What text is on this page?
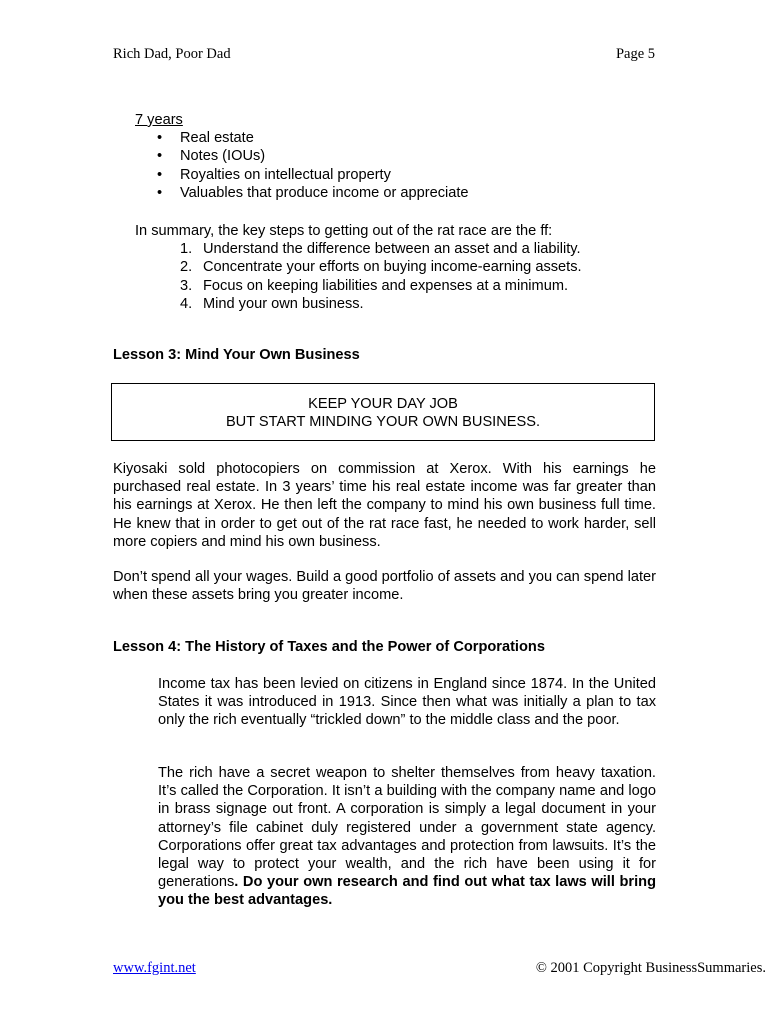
Rich Dad, Poor Dad	Page 5
7 years
• Real estate
• Notes (IOUs)
• Royalties on intellectual property
• Valuables that produce income or appreciate
In summary, the key steps to getting out of the rat race are the ff:
1. Understand the difference between an asset and a liability.
2. Concentrate your efforts on buying income-earning assets.
3. Focus on keeping liabilities and expenses at a minimum.
4. Mind your own business.
Lesson 3: Mind Your Own Business
KEEP YOUR DAY JOB
BUT START MINDING YOUR OWN BUSINESS.
Kiyosaki sold photocopiers on commission at Xerox. With his earnings he purchased real estate. In 3 years’ time his real estate income was far greater than his earnings at Xerox. He then left the company to mind his own business full time. He knew that in order to get out of the rat race fast, he needed to work harder, sell more copiers and mind his own business.
Don’t spend all your wages. Build a good portfolio of assets and you can spend later when these assets bring you greater income.
Lesson 4: The History of Taxes and the Power of Corporations
Income tax has been levied on citizens in England since 1874. In the United States it was introduced in 1913. Since then what was initially a plan to tax only the rich eventually “trickled down” to the middle class and the poor.
The rich have a secret weapon to shelter themselves from heavy taxation. It’s called the Corporation. It isn’t a building with the company name and logo in brass signage out front. A corporation is simply a legal document in your attorney’s file cabinet duly registered under a government state agency. Corporations offer great tax advantages and protection from lawsuits. It’s the legal way to protect your wealth, and the rich have been using it for generations. Do your own research and find out what tax laws will bring you the best advantages.
www.fgint.net	© 2001 Copyright BusinessSummaries.
